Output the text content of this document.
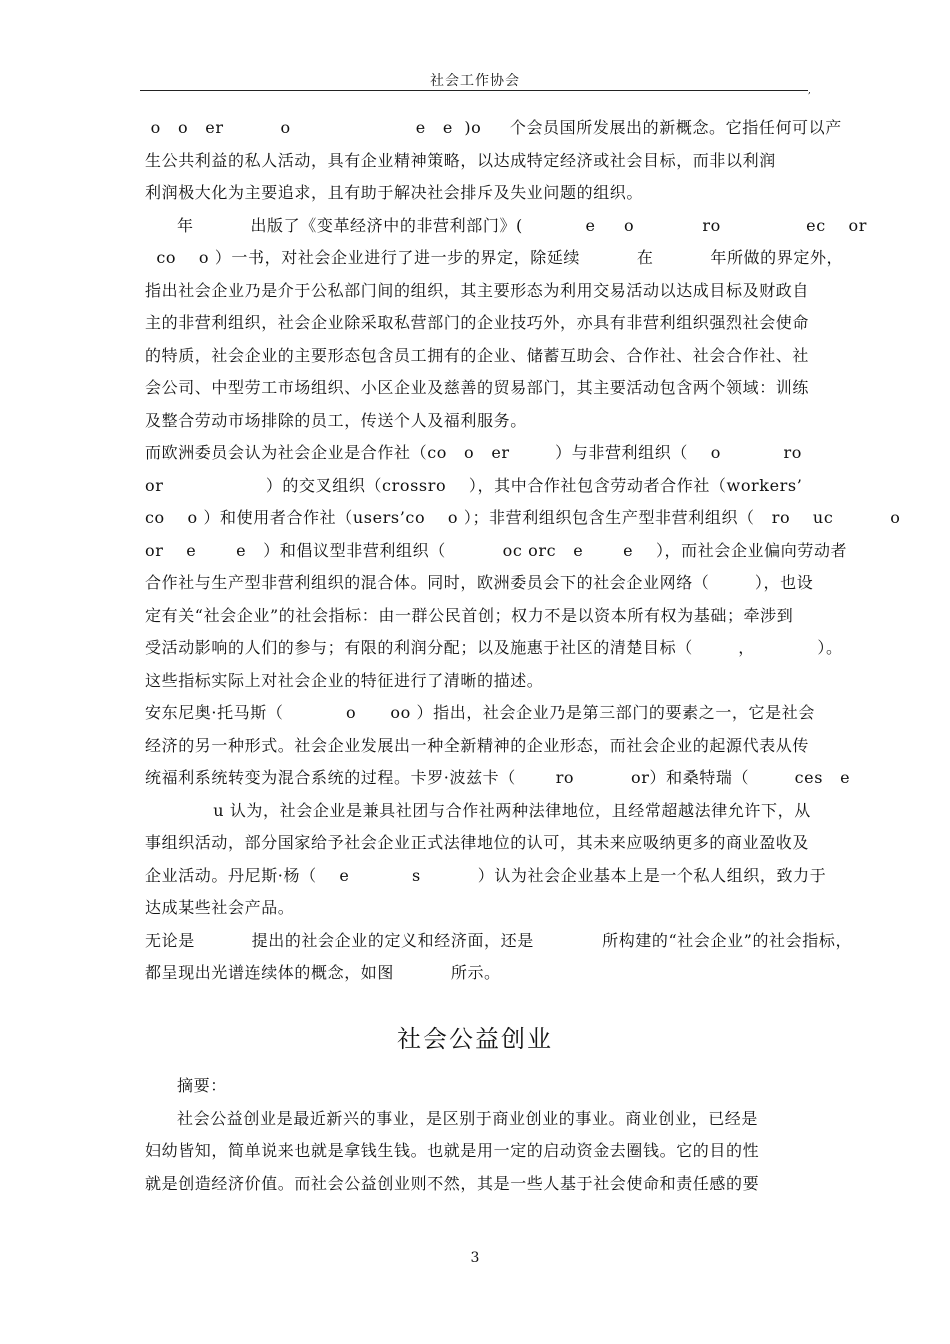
社会工作协会
,
o   o   er          o                      e   e  )o     个会员国所发展出的新概念。它指任何可以产
生公共利益的私人活动，具有企业精神策略，以达成特定经济或社会目标，而非以利润
利润极大化为主要追求，且有助于解决社会排斥及失业问题的组织。
年          出版了《变革经济中的非营利部门》(           e     o            ro               ec    or
co    o ）一书，对社会企业进行了进一步的界定，除延续          在          年所做的界定外，
指出社会企业乃是介于公私部门间的组织，其主要形态为利用交易活动以达成目标及财政自
主的非营利组织，社会企业除采取私营部门的企业技巧外，亦具有非营利组织强烈社会使命
的特质，社会企业的主要形态包含员工拥有的企业、储蓄互助会、合作社、社会合作社、社
会公司、中型劳工市场组织、小区企业及慈善的贸易部门，其主要活动包含两个领域：训练
及整合劳动市场排除的员工，传送个人及福利服务。
而欧洲委员会认为社会企业是合作社（co   o   er        ）与非营利组织（    o           ro
or                  ）的交叉组织（crossro    ），其中合作社包含劳动者合作社（workers’
co    o ）和使用者合作社（users’co    o ）；非营利组织包含生产型非营利组织（   ro    uc          o
or    e       e   ）和倡议型非营利组织（          oc orc   e       e    ），而社会企业偏向劳动者
合作社与生产型非营利组织的混合体。同时，欧洲委员会下的社会企业网络（        ），也设
定有关“社会企业”的社会指标：由一群公民首创；权力不是以资本所有权为基础；牵涉到
受活动影响的人们的参与；有限的利润分配；以及施惠于社区的清楚目标（        ，           ）。
这些指标实际上对社会企业的特征进行了清晰的描述。
安东尼奥·托马斯（           o      oo ）指出，社会企业乃是第三部门的要素之一，它是社会
经济的另一种形式。社会企业发展出一种全新精神的企业形态，而社会企业的起源代表从传
统福利系统转变为混合系统的过程。卡罗·波兹卡（       ro          or）和桑特瑞（        ces   e
u 认为，社会企业是兼具社团与合作社两种法律地位，且经常超越法律允许下，从
事组织活动，部分国家给予社会企业正式法律地位的认可，其未来应吸纳更多的商业盈收及
企业活动。丹尼斯·杨（    e           s          ）认为社会企业基本上是一个私人组织，致力于
达成某些社会产品。
无论是          提出的社会企业的定义和经济面，还是            所构建的“社会企业”的社会指标，
都呈现出光谱连续体的概念，如图          所示。
社会公益创业
摘要：
社会公益创业是最近新兴的事业，是区别于商业创业的事业。商业创业，已经是
妇幼皆知，简单说来也就是拿钱生钱。也就是用一定的启动资金去圈钱。它的目的性
就是创造经济价值。而社会公益创业则不然，其是一些人基于社会使命和责任感的要
3
